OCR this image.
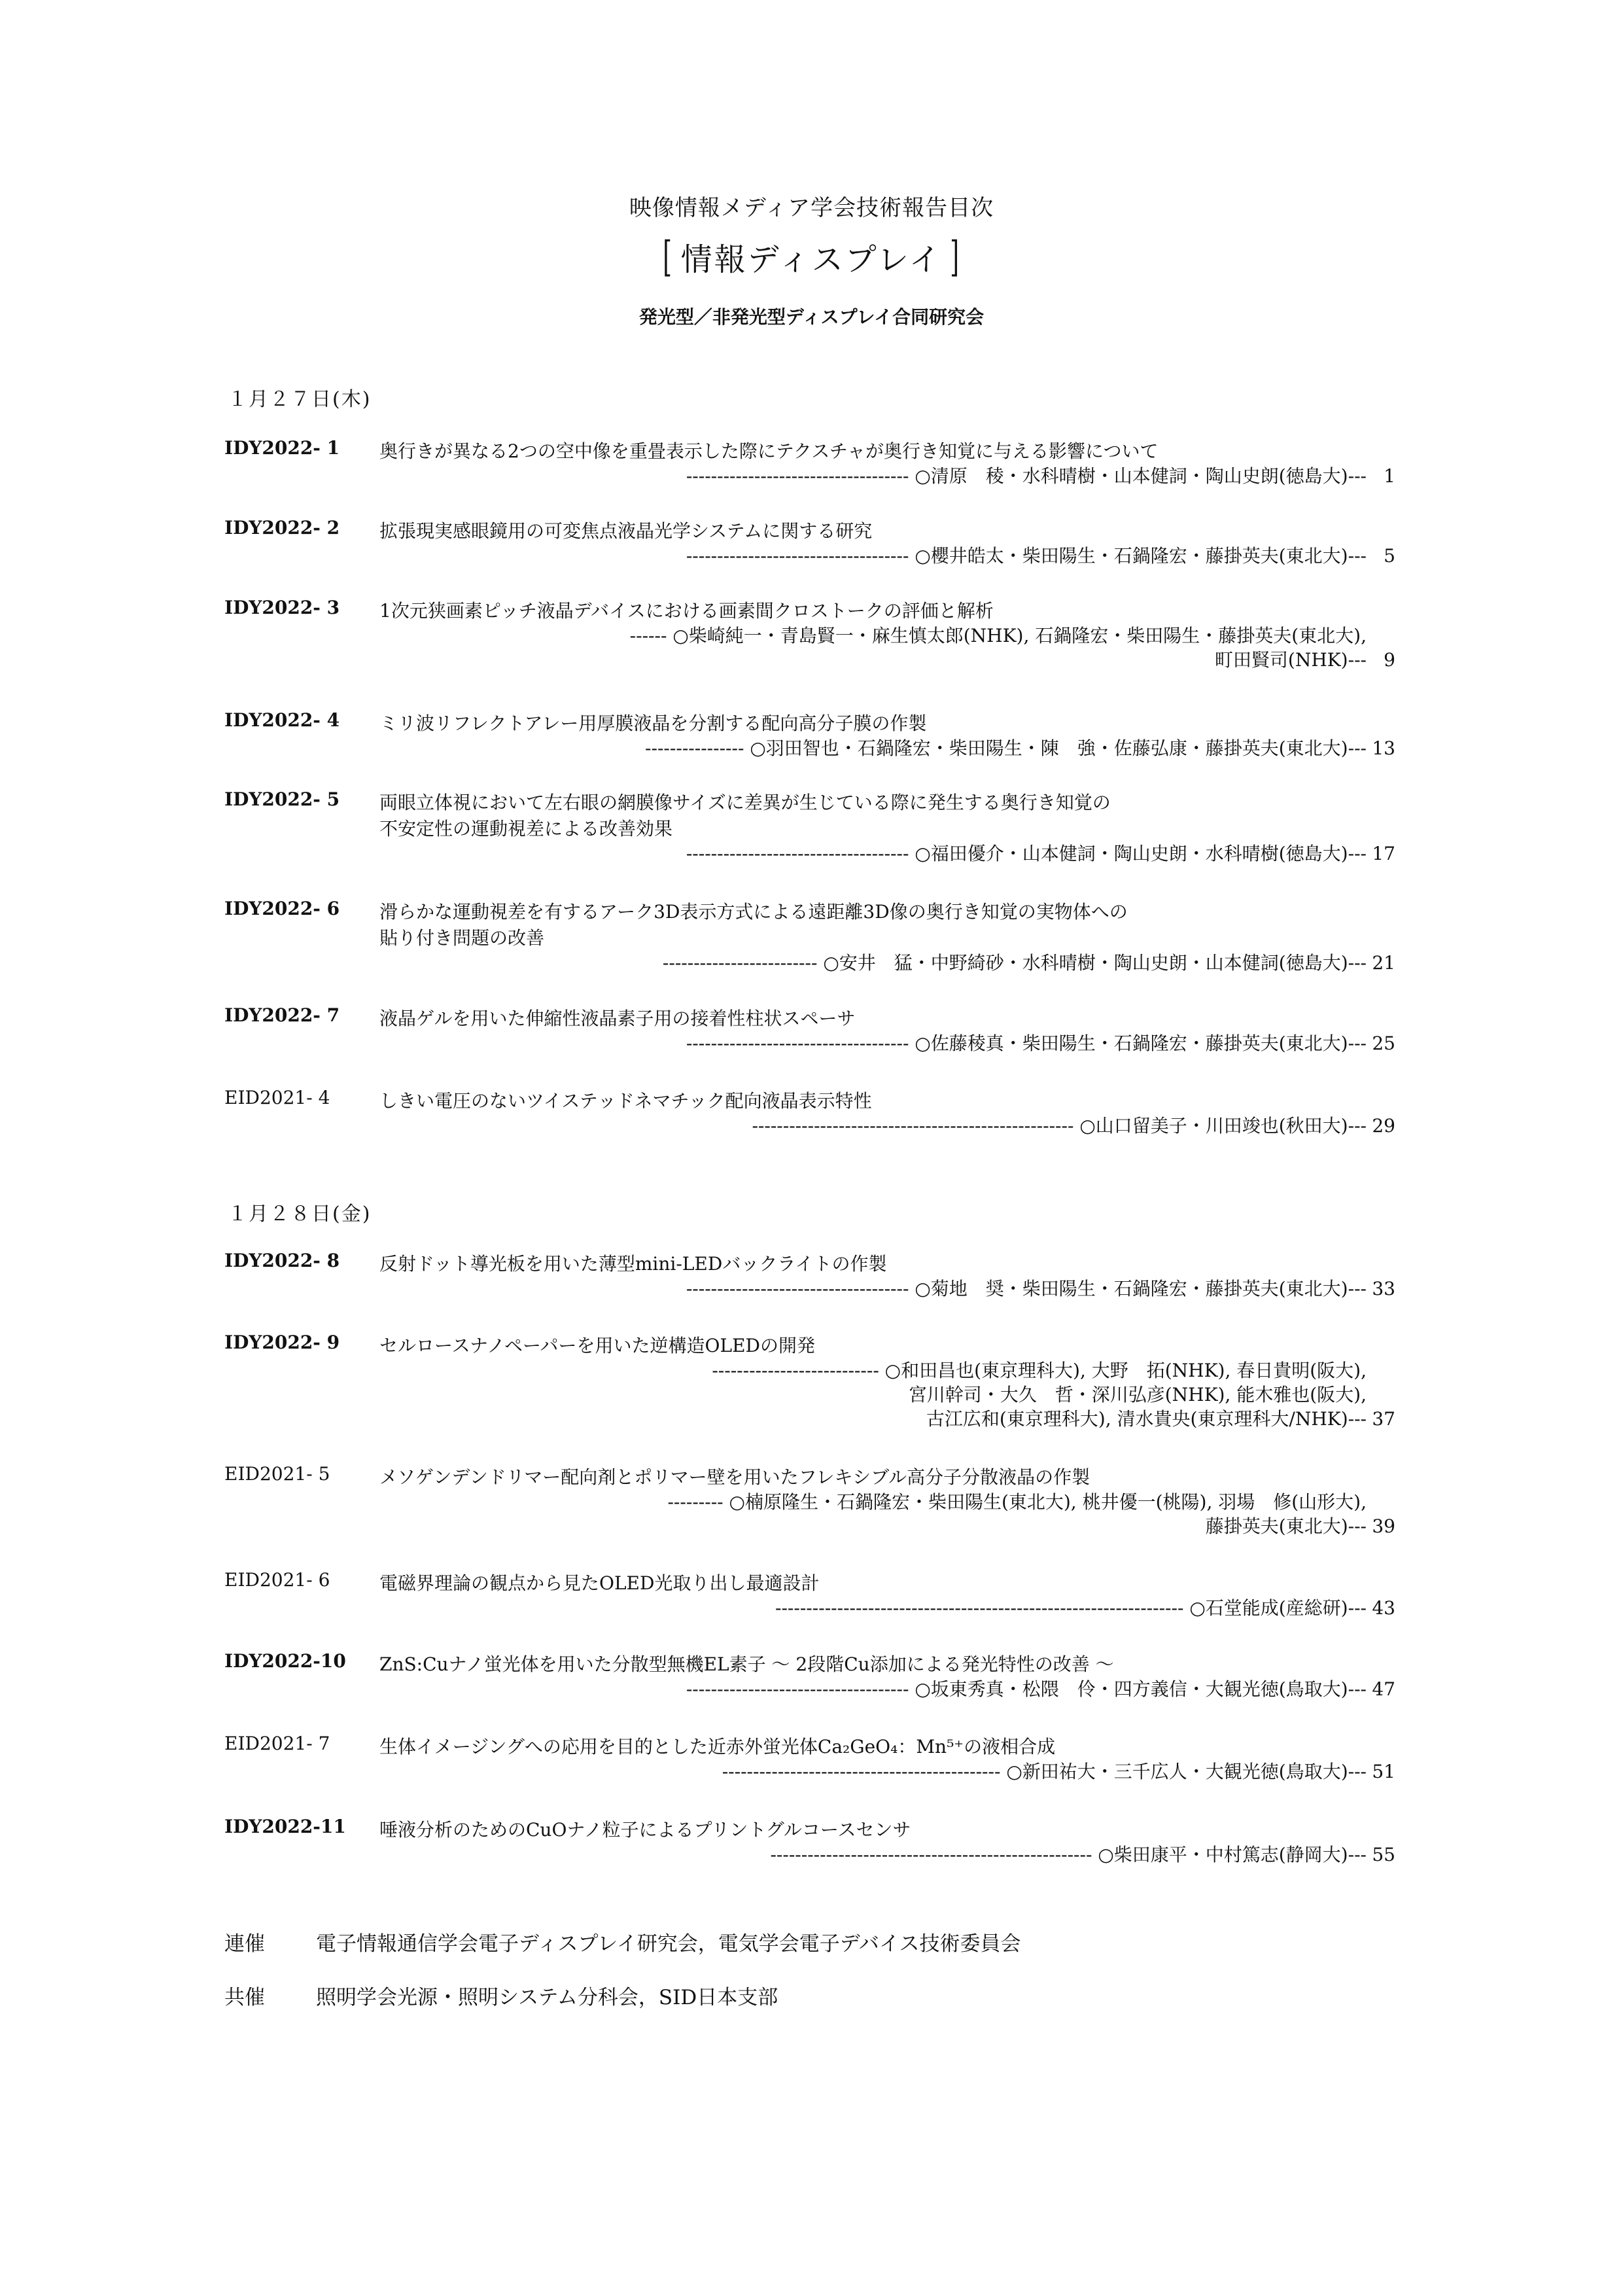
映像情報メディア学会技術報告目次
[ 情報ディスプレイ ]
発光型／非発光型ディスプレイ合同研究会
１月２７日(木)
IDY2022- 1	奥行きが異なる2つの空中像を重畳表示した際にテクスチャが奥行き知覚に与える影響について
------------------------------------ ○清原　稜・水科晴樹・山本健詞・陶山史朗(徳島大)--- 1
IDY2022- 2	拡張現実感眼鏡用の可変焦点液晶光学システムに関する研究
------------------------------------ ○櫻井皓太・柴田陽生・石鍋隆宏・藤掛英夫(東北大)--- 5
IDY2022- 3	1次元狭画素ピッチ液晶デバイスにおける画素間クロストークの評価と解析
------ ○柴崎純一・青島賢一・麻生慎太郎(NHK), 石鍋隆宏・柴田陽生・藤掛英夫(東北大),
町田賢司(NHK)--- 9
IDY2022- 4	ミリ波リフレクトアレー用厚膜液晶を分割する配向高分子膜の作製
---------------- ○羽田智也・石鍋隆宏・柴田陽生・陳　強・佐藤弘康・藤掛英夫(東北大)--- 13
IDY2022- 5	両眼立体視において左右眼の網膜像サイズに差異が生じている際に発生する奥行き知覚の
不安定性の運動視差による改善効果
------------------------------------ ○福田優介・山本健詞・陶山史朗・水科晴樹(徳島大)--- 17
IDY2022- 6	滑らかな運動視差を有するアーク3D表示方式による遠距離3D像の奥行き知覚の実物体への
貼り付き問題の改善
------------------------- ○安井　猛・中野綺砂・水科晴樹・陶山史朗・山本健詞(徳島大)--- 21
IDY2022- 7	液晶ゲルを用いた伸縮性液晶素子用の接着性柱状スペーサ
------------------------------------ ○佐藤稜真・柴田陽生・石鍋隆宏・藤掛英夫(東北大)--- 25
EID2021- 4	しきい電圧のないツイステッドネマチック配向液晶表示特性
---------------------------------------------------- ○山口留美子・川田竣也(秋田大)--- 29
１月２８日(金)
IDY2022- 8	反射ドット導光板を用いた薄型mini-LEDバックライトの作製
------------------------------------ ○菊地　奨・柴田陽生・石鍋隆宏・藤掛英夫(東北大)--- 33
IDY2022- 9	セルロースナノペーパーを用いた逆構造OLEDの開発
--------------------------- ○和田昌也(東京理科大), 大野　拓(NHK), 春日貴明(阪大),
宮川幹司・大久　哲・深川弘彦(NHK), 能木雅也(阪大),
古江広和(東京理科大), 清水貴央(東京理科大/NHK)--- 37
EID2021- 5	メソゲンデンドリマー配向剤とポリマー壁を用いたフレキシブル高分子分散液晶の作製
--------- ○楠原隆生・石鍋隆宏・柴田陽生(東北大), 桃井優一(桃陽), 羽場　修(山形大),
藤掛英夫(東北大)--- 39
EID2021- 6	電磁界理論の観点から見たOLED光取り出し最適設計
------------------------------------------------------------------ ○石堂能成(産総研)--- 43
IDY2022-10	ZnS:Cuナノ蛍光体を用いた分散型無機EL素子 ～ 2段階Cu添加による発光特性の改善 ～
------------------------------------ ○坂東秀真・松隈　伶・四方義信・大観光徳(鳥取大)--- 47
EID2021- 7	生体イメージングへの応用を目的とした近赤外蛍光体Ca₂GeO₄：Mn⁵⁺の液相合成
--------------------------------------------- ○新田祐大・三千広人・大観光徳(鳥取大)--- 51
IDY2022-11	唾液分析のためのCuOナノ粒子によるプリントグルコースセンサ
---------------------------------------------------- ○柴田康平・中村篤志(静岡大)--- 55
連催	電子情報通信学会電子ディスプレイ研究会，電気学会電子デバイス技術委員会
共催	照明学会光源・照明システム分科会，SID日本支部
